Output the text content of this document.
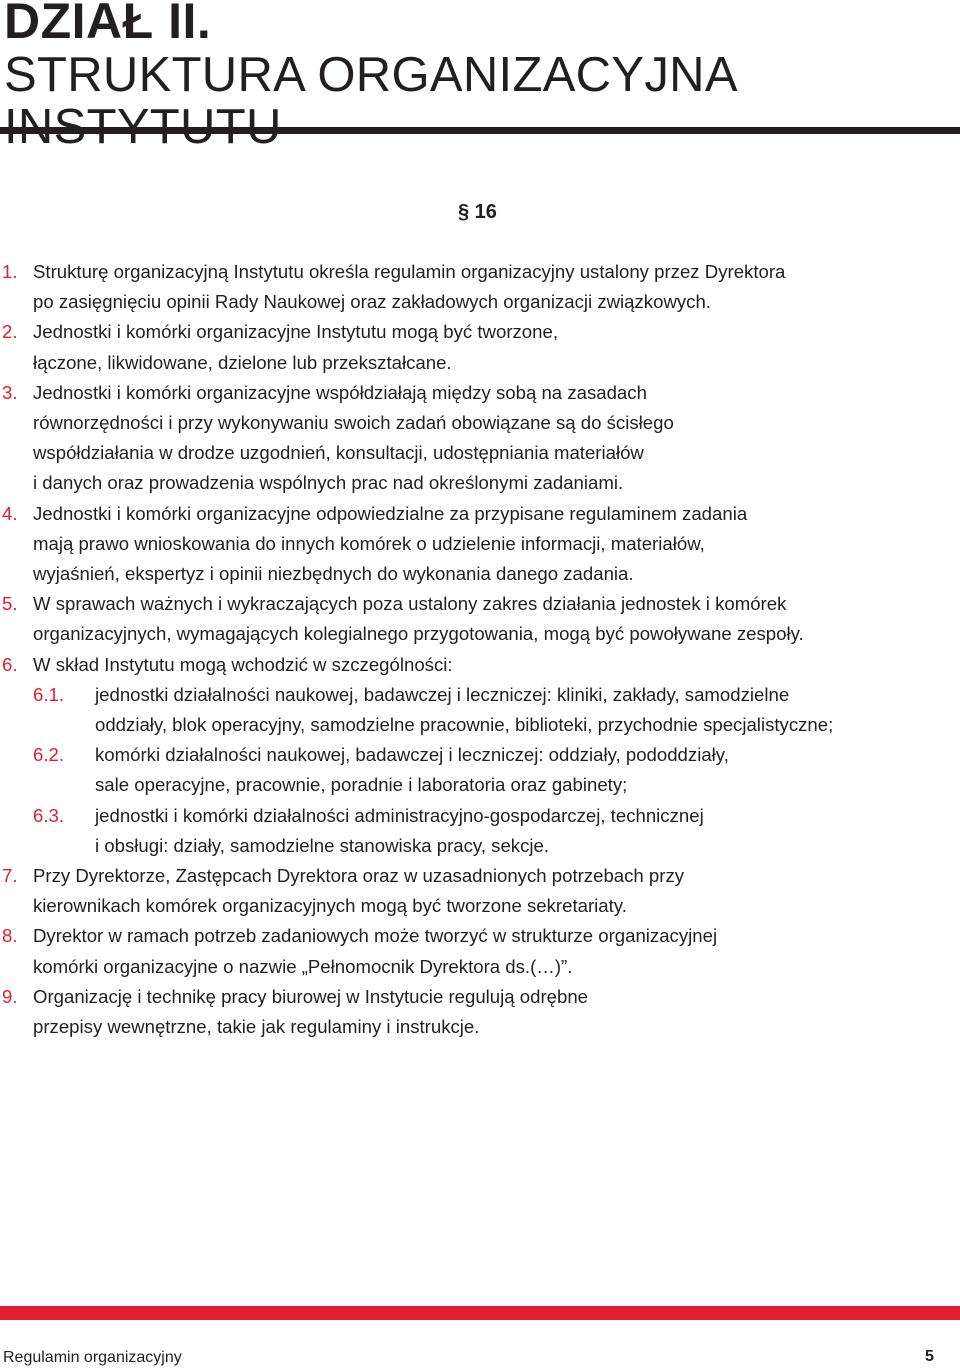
DZIAŁ II.
STRUKTURA ORGANIZACYJNA
§ 16
1. Strukturę organizacyjną Instytutu określa regulamin organizacyjny ustalony przez Dyrektora
po zasięgnięciu opinii Rady Naukowej oraz zakładowych organizacji związkowych.
2. Jednostki i komórki organizacyjne Instytutu mogą być tworzone,
łączone, likwidowane, dzielone lub przekształcane.
3. Jednostki i komórki organizacyjne współdziałają między sobą na zasadach
równorzędności i przy wykonywaniu swoich zadań obowiązane są do ścisłego
współdziałania w drodze uzgodnień, konsultacji, udostępniania materiałów
i danych oraz prowadzenia wspólnych prac nad określonymi zadaniami.
4. Jednostki i komórki organizacyjne odpowiedzialne za przypisane regulaminem zadania
mają prawo wnioskowania do innych komórek o udzielenie informacji, materiałów,
wyjaśnień, ekspertyz i opinii niezbędnych do wykonania danego zadania.
5. W sprawach ważnych i wykraczających poza ustalony zakres działania jednostek i komórek
organizacyjnych, wymagających kolegialnego przygotowania, mogą być powoływane zespoły.
6. W skład Instytutu mogą wchodzić w szczególności:
6.1. jednostki działalności naukowej, badawczej i leczniczej: kliniki, zakłady, samodzielne
oddziały, blok operacyjny, samodzielne pracownie, biblioteki, przychodnie specjalistyczne;
6.2. komórki działalności naukowej, badawczej i leczniczej: oddziały, pododdziały,
sale operacyjne, pracownie, poradnie i laboratoria oraz gabinety;
6.3. jednostki i komórki działalności administracyjno-gospodarczej, technicznej
i obsługi: działy, samodzielne stanowiska pracy, sekcje.
7. Przy Dyrektorze, Zastępcach Dyrektora oraz w uzasadnionych potrzebach przy
kierownikach komórek organizacyjnych mogą być tworzone sekretariaty.
8. Dyrektor w ramach potrzeb zadaniowych może tworzyć w strukturze organizacyjnej
komórki organizacyjne o nazwie „Pełnomocnik Dyrektora ds.(…)”.
9. Organizację i technikę pracy biurowej w Instytucie regulują odrębne
przepisy wewnętrzne, takie jak regulaminy i instrukcje.
Regulamin organizacyjny	5
